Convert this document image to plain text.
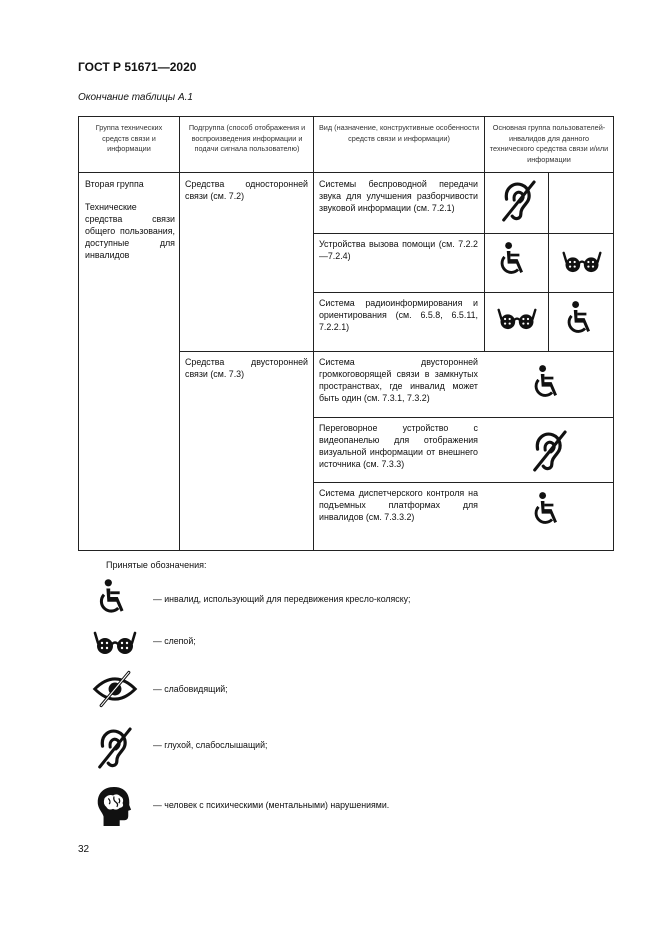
ГОСТ Р 51671—2020
Окончание таблицы А.1
Группа технических средств связи и информации
Подгруппа (способ отображения и воспроизведения информации и подачи сигнала пользователю)
Вид (назначение, конструктивные особенности средств связи и информации)
Основная группа пользователей-инвалидов для данного технического средства связи и/или информации
Вторая группа
Технические средства связи общего пользования, доступные для инвалидов
Средства односторонней связи (см. 7.2)
Средства двусторонней связи (см. 7.3)
Системы беспроводной передачи звука для улучшения разборчивости звуковой информации (см. 7.2.1)
Устройства вызова помощи (см. 7.2.2—7.2.4)
Система радиоинформирования и ориентирования (см. 6.5.8, 6.5.11, 7.2.2.1)
Система двусторонней громкоговорящей связи в замкнутых пространствах, где инвалид может быть один (см. 7.3.1, 7.3.2)
Переговорное устройство с видеопанелью для отображения визуальной информации от внешнего источника (см. 7.3.3)
Система диспетчерского контроля на подъемных платформах для инвалидов (см. 7.3.3.2)
Принятые обозначения:
— инвалид, использующий для передвижения кресло-коляску;
— слепой;
— слабовидящий;
— глухой, слабослышащий;
— человек с психическими (ментальными) нарушениями.
32
